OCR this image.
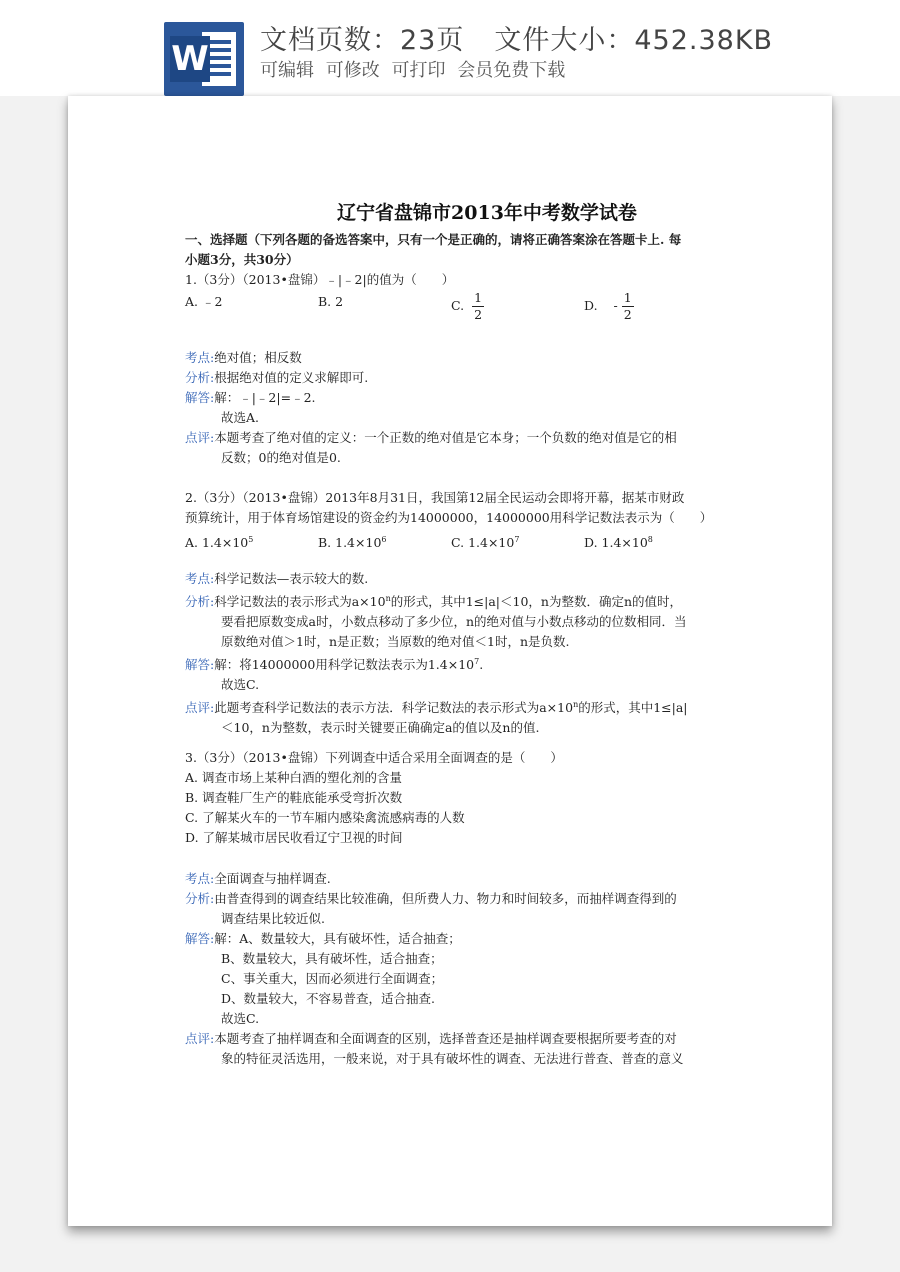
W 文档页数：23页 文件大小：452.38KB
可编辑 可修改 可打印 会员免费下载
辽宁省盘锦市2013年中考数学试卷
一、选择题（下列各题的备选答案中，只有一个是正确的，请将正确答案涂在答题卡上. 每
小题3分，共30分）
1.（3分）（2013•盘锦）﹣|﹣2|的值为（　　）
A. ﹣2	B. 2	C. $\frac{1}{2}$	D. - $\frac{1}{2}$
考点:绝对值；相反数
分析:根据绝对值的定义求解即可.
解答:解：﹣|﹣2|=﹣2.

故选A.
点评:本题考查了绝对值的定义：一个正数的绝对值是它本身；一个负数的绝对值是它的相

反数；0的绝对值是0.
2.（3分）（2013•盘锦）2013年8月31日，我国第12届全民运动会即将开幕，据某市财政
预算统计，用于体育场馆建设的资金约为14000000，14000000用科学记数法表示为（　　）
A. $1.4\times 10^5$	B. $1.4\times 10^6$	C. $1.4\times 10^7$	D. $1.4\times 10^8$
考点:科学记数法—表示较大的数.
分析:科学记数法的表示形式为$a\times 10^n$的形式，其中1≤|a|＜10，n为整数．确定n的值时，

要看把原数变成a时，小数点移动了多少位，n的绝对值与小数点移动的位数相同．当
原数绝对值＞1时，n是正数；当原数的绝对值＜1时，n是负数.
解答:解：将14000000用科学记数法表示为$1.4\times 10^7$.

故选C.
点评:此题考查科学记数法的表示方法．科学记数法的表示形式为$a\times 10^n$的形式，其中1≤|a|

＜10，n为整数，表示时关键要正确确定a的值以及n的值.
3.（3分）（2013•盘锦）下列调查中适合采用全面调查的是（　　）
A. 调查市场上某种白酒的塑化剂的含量
B. 调查鞋厂生产的鞋底能承受弯折次数
C. 了解某火车的一节车厢内感染禽流感病毒的人数
D. 了解某城市居民收看辽宁卫视的时间
考点:全面调查与抽样调查.
分析:由普查得到的调查结果比较准确，但所费人力、物力和时间较多，而抽样调查得到的

调查结果比较近似.
解答:解：A、数量较大，具有破坏性，适合抽查；

B、数量较大，具有破坏性，适合抽查；
C、事关重大，因而必须进行全面调查；
D、数量较大，不容易普查，适合抽查.
故选C.
点评:本题考查了抽样调查和全面调查的区别，选择普查还是抽样调查要根据所要考查的对

象的特征灵活选用，一般来说，对于具有破坏性的调查、无法进行普查、普查的意义
